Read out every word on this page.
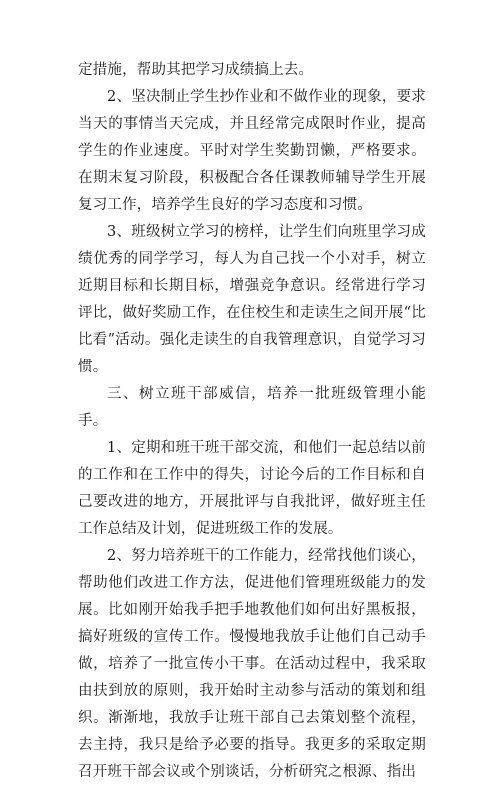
定措施，帮助其把学习成绩搞上去。

2、坚决制止学生抄作业和不做作业的现象，要求当天的事情当天完成，并且经常完成限时作业，提高学生的作业速度。平时对学生奖勤罚懒，严格要求。在期末复习阶段，积极配合各任课教师辅导学生开展复习工作，培养学生良好的学习态度和习惯。

3、班级树立学习的榜样，让学生们向班里学习成绩优秀的同学学习，每人为自己找一个小对手，树立近期目标和长期目标，增强竞争意识。经常进行学习评比，做好奖励工作，在住校生和走读生之间开展“比比看”活动。强化走读生的自我管理意识，自觉学习习惯。

三、树立班干部威信，培养一批班级管理小能手。

1、定期和班干班干部交流，和他们一起总结以前的工作和在工作中的得失，讨论今后的工作目标和自己要改进的地方，开展批评与自我批评，做好班主任工作总结及计划，促进班级工作的发展。

2、努力培养班干的工作能力，经常找他们谈心，帮助他们改进工作方法，促进他们管理班级能力的发展。比如刚开始我手把手地教他们如何出好黑板报，搞好班级的宣传工作。慢慢地我放手让他们自己动手做，培养了一批宣传小干事。在活动过程中，我采取由扶到放的原则，我开始时主动参与活动的策划和组织。渐渐地，我放手让班干部自己去策划整个流程，去主持，我只是给予必要的指导。我更多的采取定期召开班干部会议或个别谈话，分析研究之根源、指出
